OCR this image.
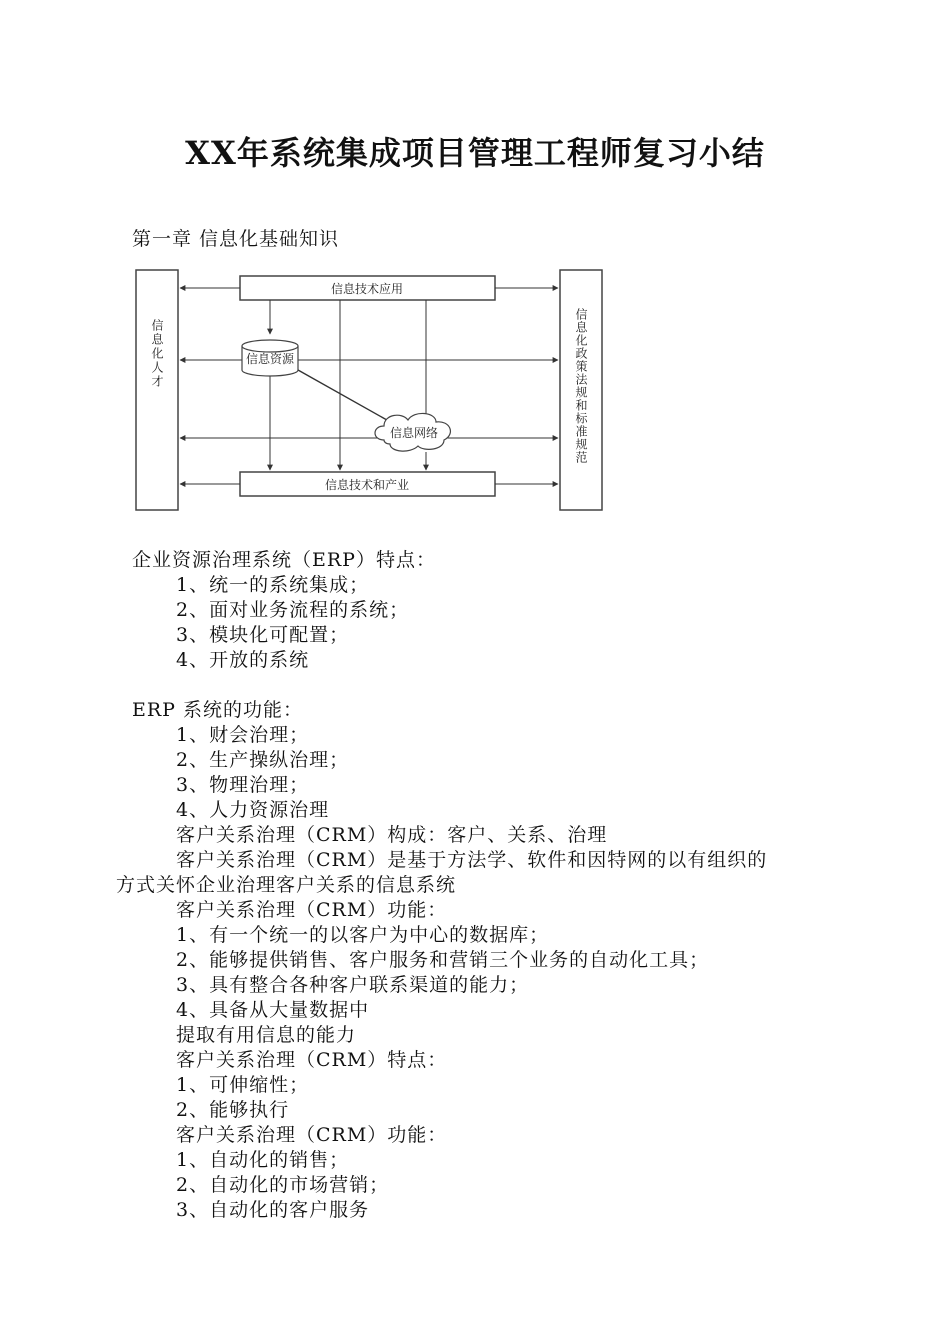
XX年系统集成项目管理工程师复习小结
第一章 信息化基础知识
信息技术应用
信息资源
信息网络
信息技术和产业
信息化人才	信息化政策法规和标准规范
企业资源治理系统（ERP）特点：
1、统一的系统集成；
2、面对业务流程的系统；
3、模块化可配置；
4、开放的系统
ERP 系统的功能：
1、财会治理；
2、生产操纵治理；
3、物理治理；
4、人力资源治理
客户关系治理（CRM）构成：客户、关系、治理
客户关系治理（CRM）是基于方法学、软件和因特网的以有组织的
方式关怀企业治理客户关系的信息系统
客户关系治理（CRM）功能：
1、有一个统一的以客户为中心的数据库；
2、能够提供销售、客户服务和营销三个业务的自动化工具；
3、具有整合各种客户联系渠道的能力；
4、具备从大量数据中
提取有用信息的能力
客户关系治理（CRM）特点：
1、可伸缩性；
2、能够执行
客户关系治理（CRM）功能：
1、自动化的销售；
2、自动化的市场营销；
3、自动化的客户服务
